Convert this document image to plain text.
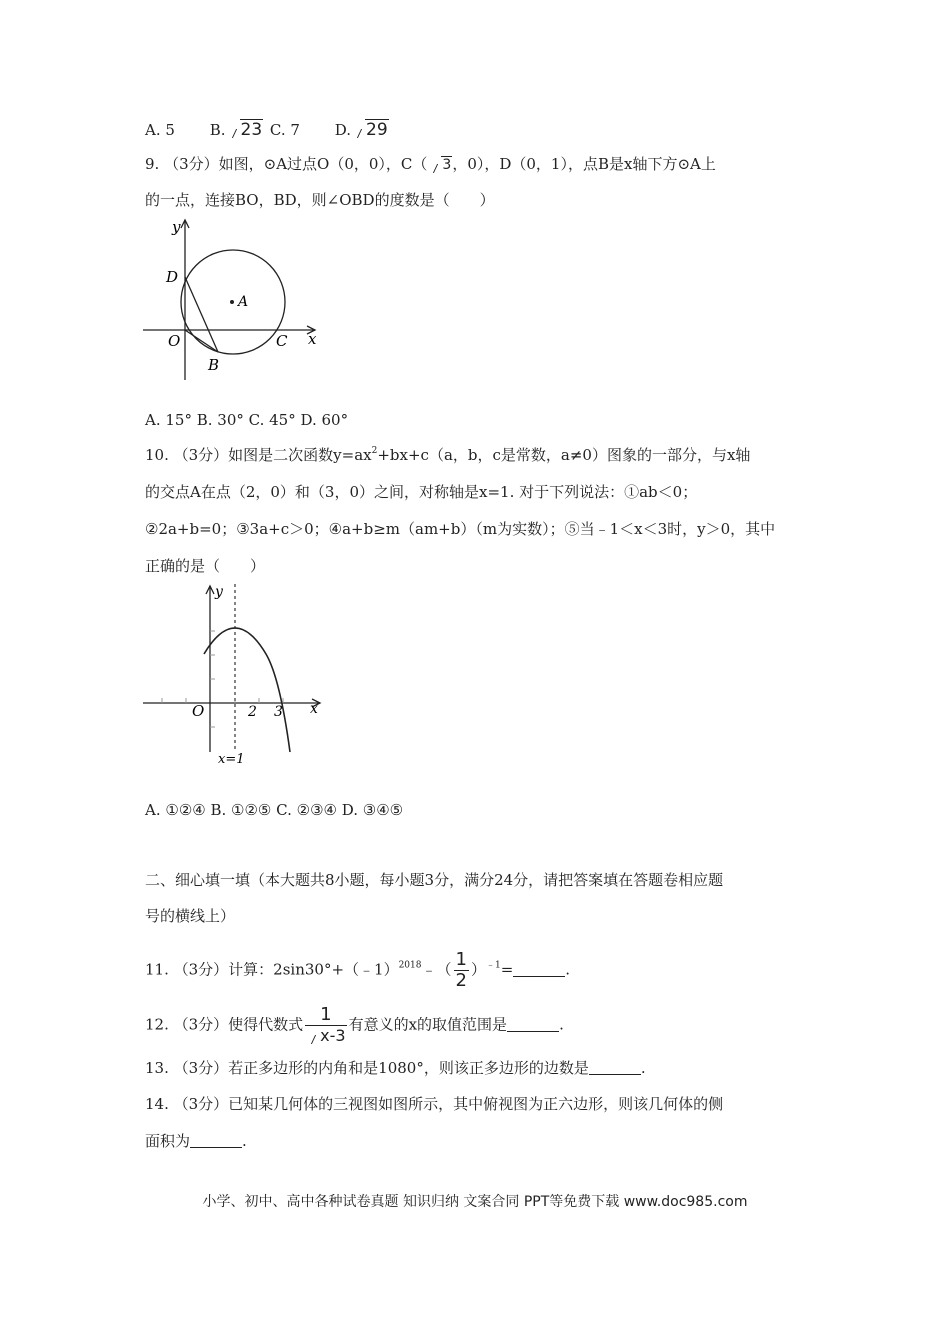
A. 5 B. 23 C. 7 D. 29
9. （3分）如图，⊙A过点O（0，0），C（ 3，0），D（0，1），点B是x轴下方⊙A上
的一点，连接BO，BD，则∠OBD的度数是（　　）
y
D
A
O	C x
B
A. 15° B. 30° C. 45° D. 60°
10. （3分）如图是二次函数$y=ax^2+bx+c(a$，b，c是常数，a≠0）图象的一部分，与x轴
的交点A在点（2，0）和（3，0）之间，对称轴是x=1. 对于下列说法：①ab＜0；
②2a+b=0；③3a+c＞0；④a+b≥m（am+b）（m为实数）；⑤当﹣1＜x＜3时，y＞0，其中
正确的是（　　）
y
O	2 3 x
x=1
A. ①②④ B. ①②⑤ C. ②③④ D. ③④⑤
二、细心填一填（本大题共8小题，每小题3分，满分24分，请把答案填在答题卷相应题
号的横线上）
11. （3分）计算：2sin30°+（﹣1）$^{2018}$﹣（ $\frac{1}{2} )^{﹣1}=$	.
12. （3分）使得代数式 $\frac{1}{x-3}$ 有意义的x的取值范围是	.
13. （3分）若正多边形的内角和是1080°，则该正多边形的边数是	.
14. （3分）已知某几何体的三视图如图所示，其中俯视图为正六边形，则该几何体的侧
面积为	.
小学、初中、高中各种试卷真题 知识归纳 文案合同 PPT等免费下载 www.doc985.com
